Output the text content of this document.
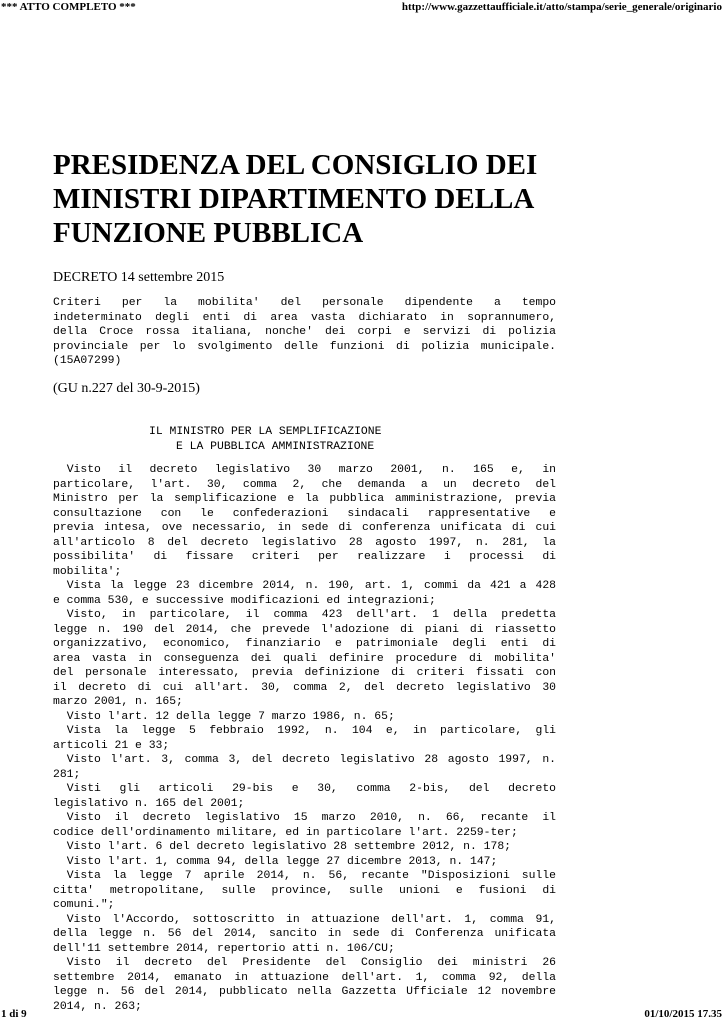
*** ATTO COMPLETO ***	http://www.gazzettaufficiale.it/atto/stampa/serie_generale/originario
PRESIDENZA DEL CONSIGLIO DEI
MINISTRI DIPARTIMENTO DELLA
FUNZIONE PUBBLICA
DECRETO 14 settembre 2015
Criteri per la mobilita' del personale dipendente a tempo
indeterminato degli enti di area vasta dichiarato in soprannumero,
della Croce rossa italiana, nonche' dei corpi e servizi di polizia
provinciale per lo svolgimento delle funzioni di polizia municipale.
(15A07299)
(GU n.227 del 30-9-2015)
IL MINISTRO PER LA SEMPLIFICAZIONE
E LA PUBBLICA AMMINISTRAZIONE
Visto il decreto legislativo 30 marzo 2001, n. 165 e, in
particolare, l'art. 30, comma 2, che demanda a un decreto del
Ministro per la semplificazione e la pubblica amministrazione, previa
consultazione con le confederazioni sindacali rappresentative e
previa intesa, ove necessario, in sede di conferenza unificata di cui
all'articolo 8 del decreto legislativo 28 agosto 1997, n. 281, la
possibilita' di fissare criteri per realizzare i processi di
mobilita';
Vista la legge 23 dicembre 2014, n. 190, art. 1, commi da 421 a 428
e comma 530, e successive modificazioni ed integrazioni;
Visto, in particolare, il comma 423 dell'art. 1 della predetta
legge n. 190 del 2014, che prevede l'adozione di piani di riassetto
organizzativo, economico, finanziario e patrimoniale degli enti di
area vasta in conseguenza dei quali definire procedure di mobilita'
del personale interessato, previa definizione di criteri fissati con
il decreto di cui all'art. 30, comma 2, del decreto legislativo 30
marzo 2001, n. 165;
Visto l'art. 12 della legge 7 marzo 1986, n. 65;
Vista la legge 5 febbraio 1992, n. 104 e, in particolare, gli
articoli 21 e 33;
Visto l'art. 3, comma 3, del decreto legislativo 28 agosto 1997, n.
281;
Visti gli articoli 29-bis e 30, comma 2-bis, del decreto
legislativo n. 165 del 2001;
Visto il decreto legislativo 15 marzo 2010, n. 66, recante il
codice dell'ordinamento militare, ed in particolare l'art. 2259-ter;
Visto l'art. 6 del decreto legislativo 28 settembre 2012, n. 178;
Visto l'art. 1, comma 94, della legge 27 dicembre 2013, n. 147;
Vista la legge 7 aprile 2014, n. 56, recante "Disposizioni sulle
citta' metropolitane, sulle province, sulle unioni e fusioni di
comuni.";
Visto l'Accordo, sottoscritto in attuazione dell'art. 1, comma 91,
della legge n. 56 del 2014, sancito in sede di Conferenza unificata
dell'11 settembre 2014, repertorio atti n. 106/CU;
Visto il decreto del Presidente del Consiglio dei ministri 26
settembre 2014, emanato in attuazione dell'art. 1, comma 92, della
legge n. 56 del 2014, pubblicato nella Gazzetta Ufficiale 12 novembre
2014, n. 263;
1 di 9	01/10/2015 17.35
